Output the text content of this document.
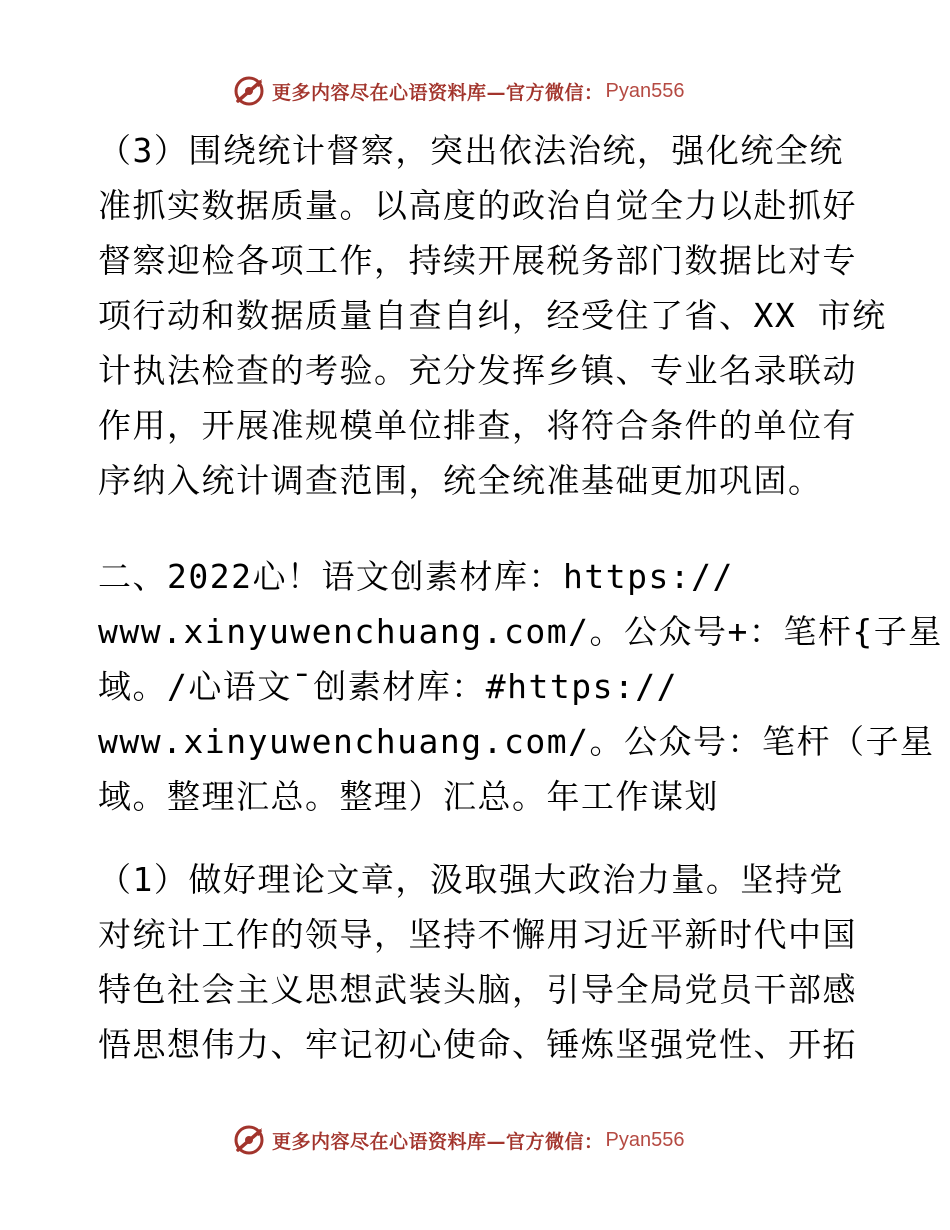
更多内容尽在心语资料库—官方微信： Pyan556
（3）围绕统计督察，突出依法治统，强化统全统
准抓实数据质量。以高度的政治自觉全力以赴抓好
督察迎检各项工作，持续开展税务部门数据比对专
项行动和数据质量自查自纠，经受住了省、XX 市统
计执法检查的考验。充分发挥乡镇、专业名录联动
作用，开展准规模单位排查，将符合条件的单位有
序纳入统计调查范围，统全统准基础更加巩固。
二、2022心！语文创素材库：https://
www.xinyuwenchuang.com/。公众号+：笔杆{子星
域。/心语文¯创素材库：#https://
www.xinyuwenchuang.com/。公众号：笔杆（子星
域。整理汇总。整理）汇总。年工作谋划
（1）做好理论文章，汲取强大政治力量。坚持党
对统计工作的领导，坚持不懈用习近平新时代中国
特色社会主义思想武装头脑，引导全局党员干部感
悟思想伟力、牢记初心使命、锤炼坚强党性、开拓
更多内容尽在心语资料库—官方微信： Pyan556
